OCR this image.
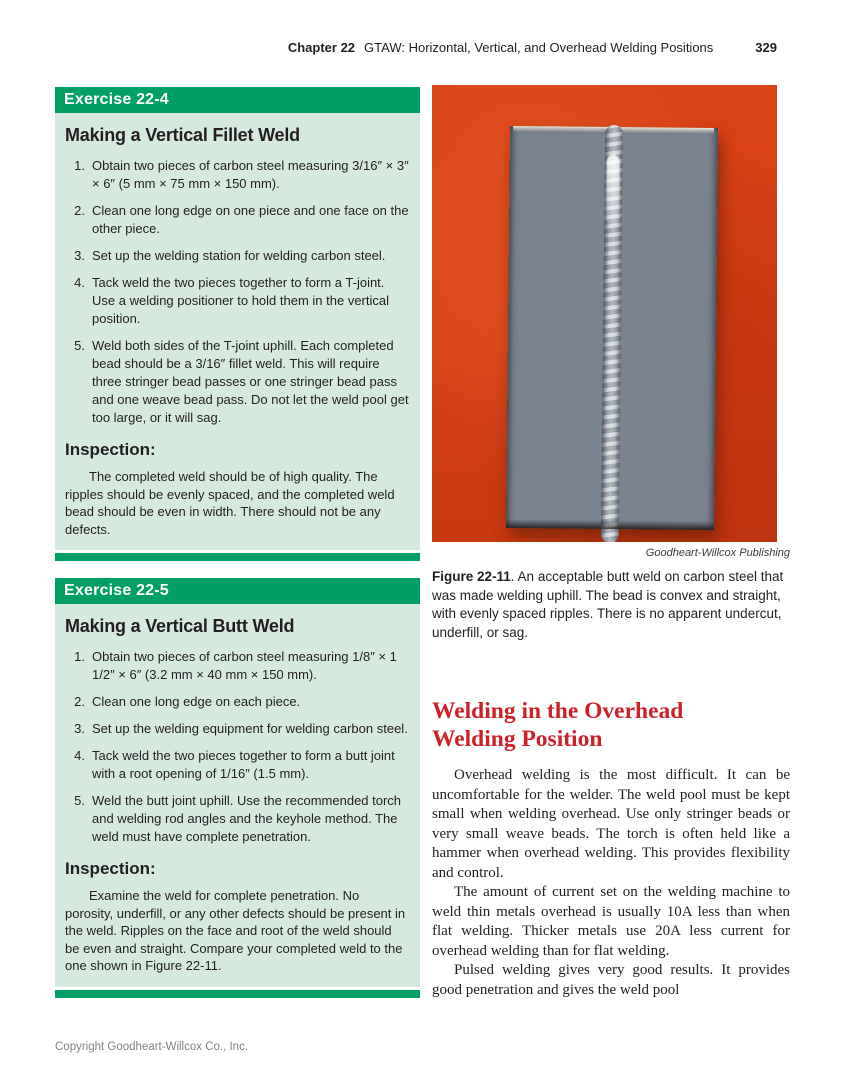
Chapter 22 GTAW: Horizontal, Vertical, and Overhead Welding Positions	329
Exercise 22-4
Making a Vertical Fillet Weld
1. Obtain two pieces of carbon steel measuring 3/16″ × 3″ × 6″ (5 mm × 75 mm × 150 mm).
2. Clean one long edge on one piece and one face on the other piece.
3. Set up the welding station for welding carbon steel.
4. Tack weld the two pieces together to form a T-joint. Use a welding positioner to hold them in the vertical position.
5. Weld both sides of the T-joint uphill. Each completed bead should be a 3/16″ fillet weld. This will require three stringer bead passes or one stringer bead pass and one weave bead pass. Do not let the weld pool get too large, or it will sag.
Inspection:

The completed weld should be of high quality. The ripples should be evenly spaced, and the completed weld bead should be even in width. There should not be any defects.

Exercise 22-5
Making a Vertical Butt Weld
1. Obtain two pieces of carbon steel measuring 1/8″ × 1 1/2″ × 6″ (3.2 mm × 40 mm × 150 mm).
2. Clean one long edge on each piece.
3. Set up the welding equipment for welding carbon steel.
4. Tack weld the two pieces together to form a butt joint with a root opening of 1/16″ (1.5 mm).
5. Weld the butt joint uphill. Use the recommended torch and welding rod angles and the keyhole method. The weld must have complete penetration.
Inspection:

Examine the weld for complete penetration. No porosity, underfill, or any other defects should be present in the weld. Ripples on the face and root of the weld should be even and straight. Compare your completed weld to the one shown in Figure 22-11.

Goodheart-Willcox Publishing

Figure 22-11. An acceptable butt weld on carbon steel that was made welding uphill. The bead is convex and straight, with evenly spaced ripples. There is no apparent undercut, underfill, or sag.

Welding in the Overhead Welding Position

Overhead welding is the most difficult. It can be uncomfortable for the welder. The weld pool must be kept small when welding overhead. Use only stringer beads or very small weave beads. The torch is often held like a hammer when overhead welding. This provides flexibility and control.

The amount of current set on the welding machine to weld thin metals overhead is usually 10A less than when flat welding. Thicker metals use 20A less current for overhead welding than for flat welding.

Pulsed welding gives very good results. It provides good penetration and gives the weld pool

Copyright Goodheart-Willcox Co., Inc.
